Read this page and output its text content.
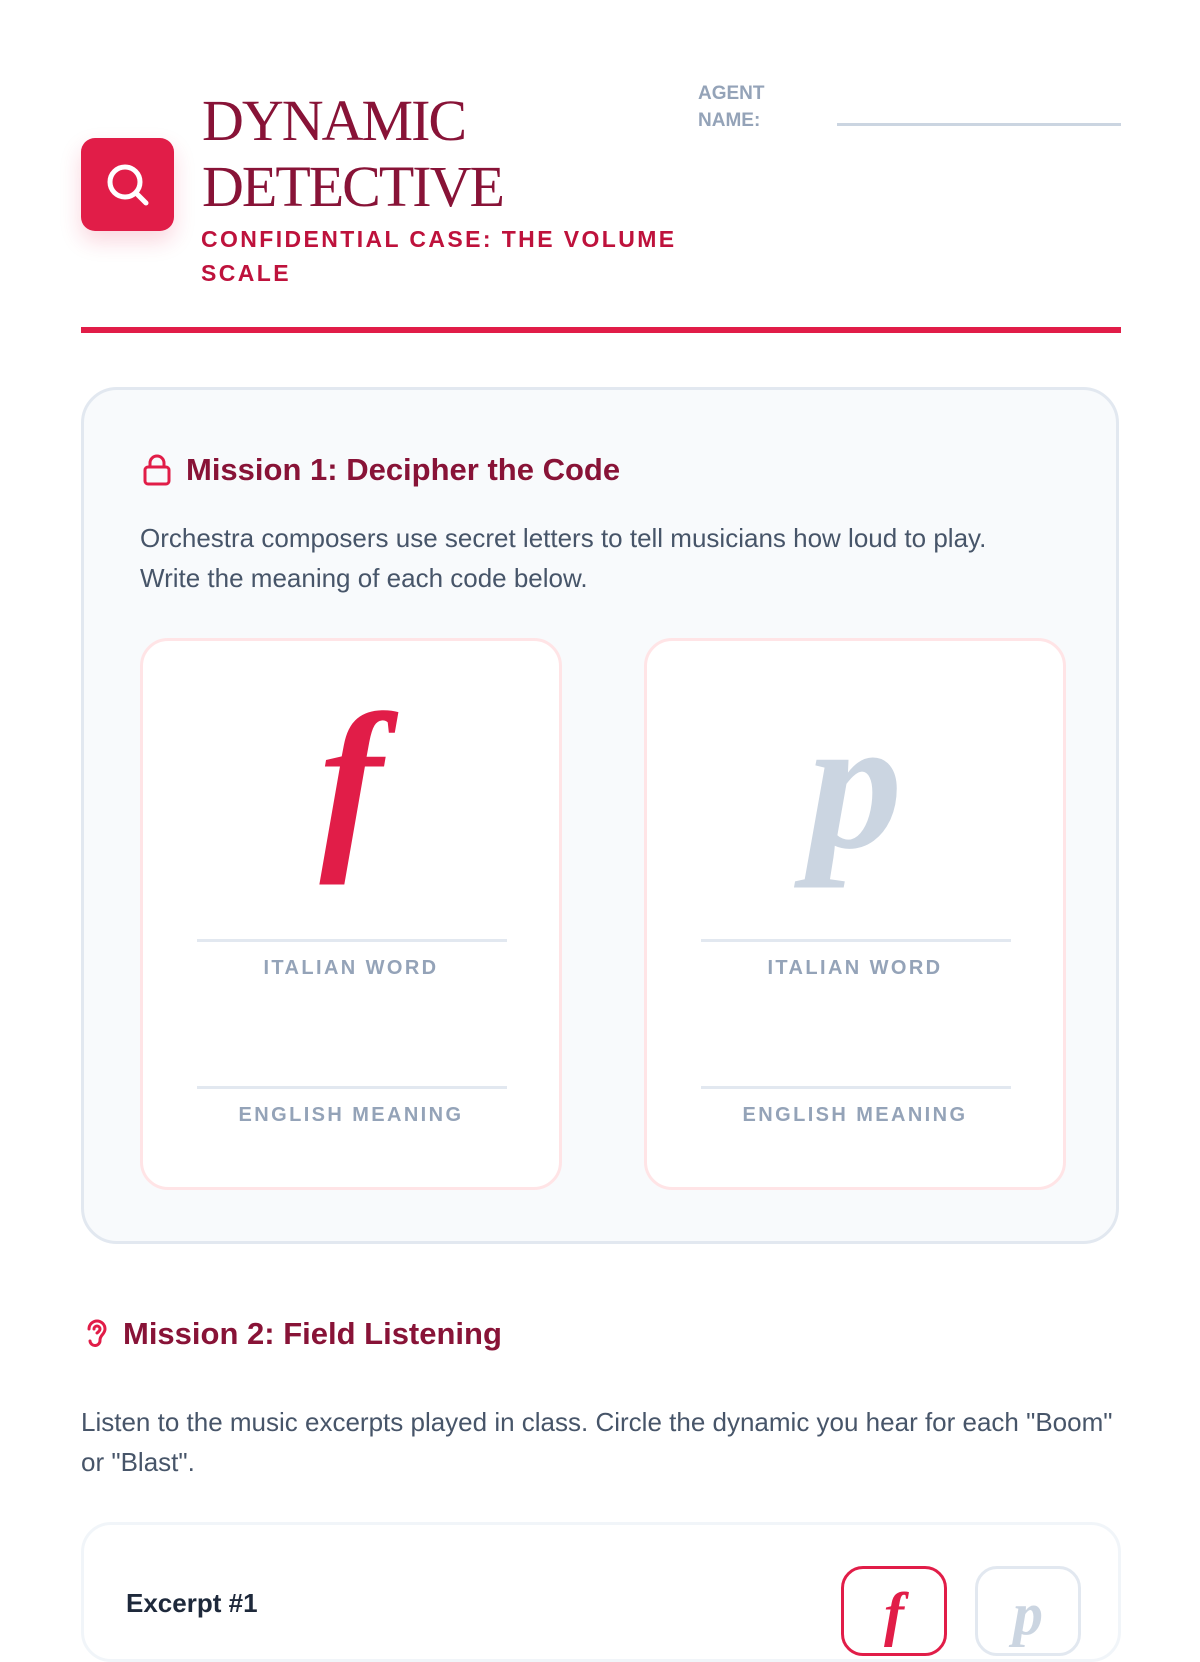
DYNAMIC DETECTIVE
CONFIDENTIAL CASE: THE VOLUME SCALE
AGENT NAME:
Mission 1: Decipher the Code

Orchestra composers use secret letters to tell musicians how loud to play. Write the meaning of each code below.

f
ITALIAN WORD
ENGLISH MEANING
p
ITALIAN WORD
ENGLISH MEANING
Mission 2: Field Listening

Listen to the music excerpts played in class. Circle the dynamic you hear for each "Boom" or "Blast".

Excerpt #1	f	p
